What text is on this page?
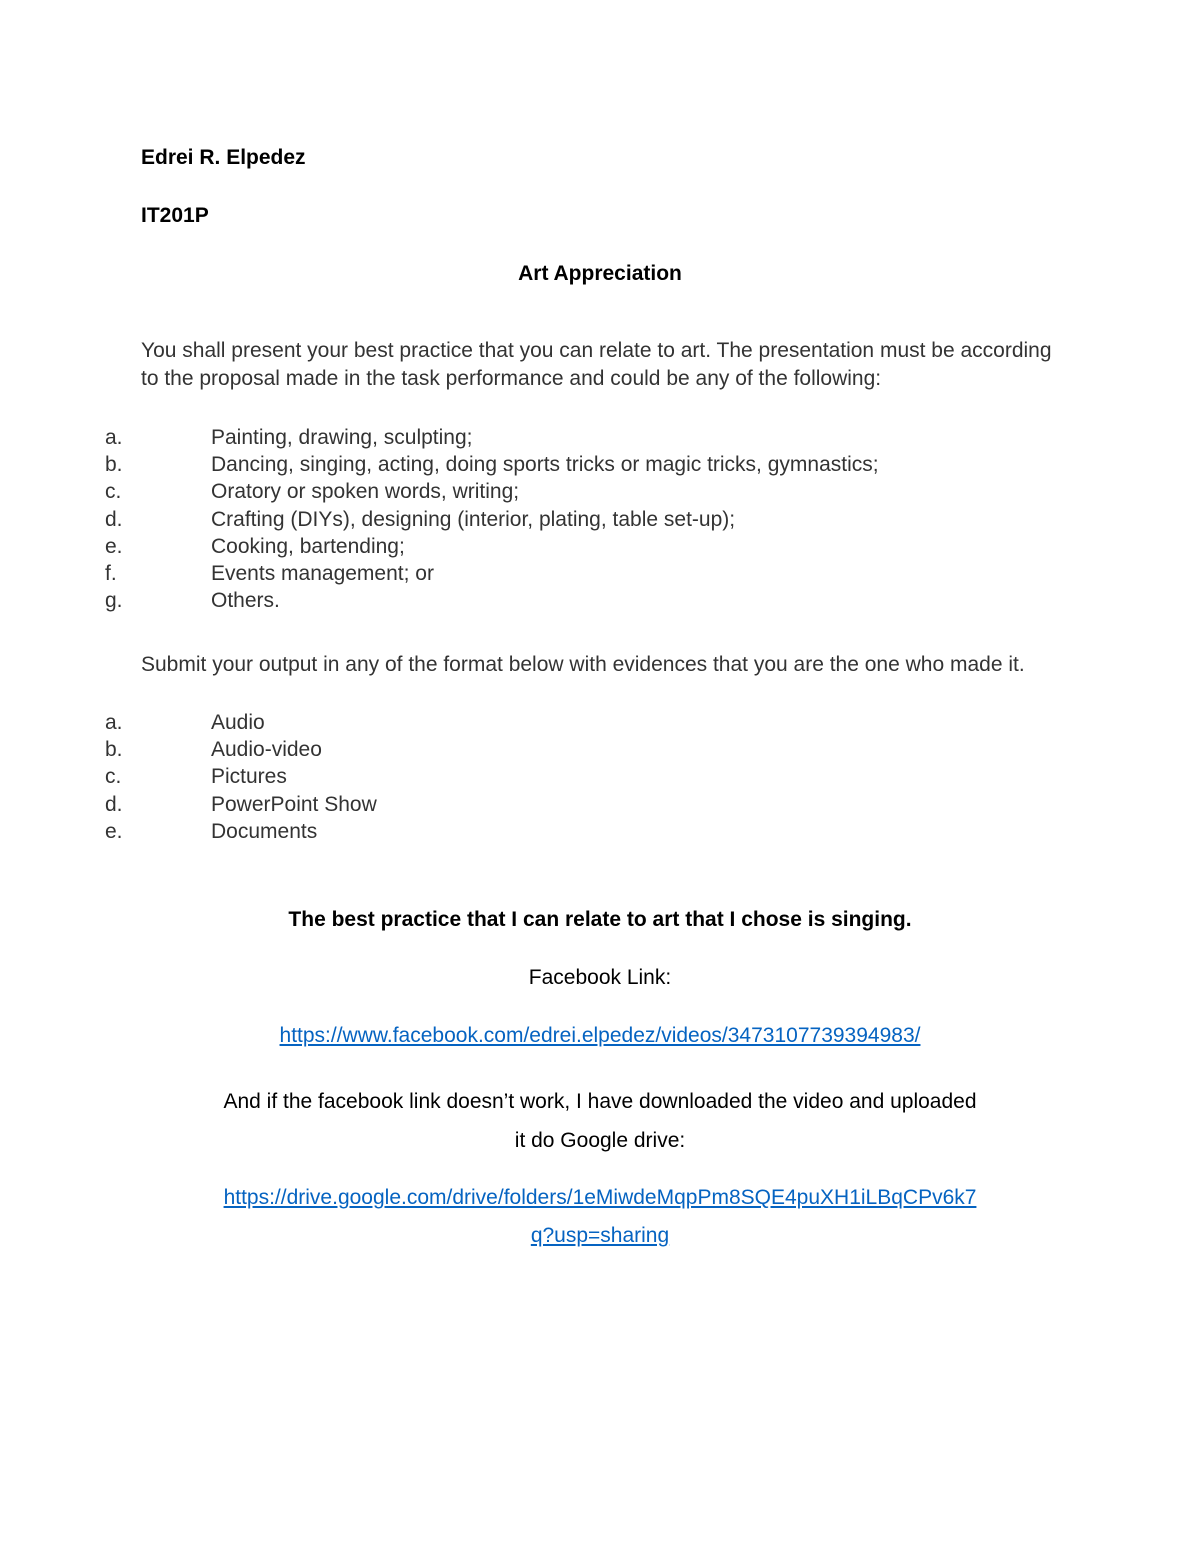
Edrei R. Elpedez

IT201P

Art Appreciation

You shall present your best practice that you can relate to art. The presentation must be according to the proposal made in the task performance and could be any of the following:

a.	Painting, drawing, sculpting;
b.	Dancing, singing, acting, doing sports tricks or magic tricks, gymnastics;
c.	Oratory or spoken words, writing;
d.	Crafting (DIYs), designing (interior, plating, table set-up);
e.	Cooking, bartending;
f.	Events management; or
g.	Others.

Submit your output in any of the format below with evidences that you are the one who made it.

a.	Audio
b.	Audio-video
c.	Pictures
d.	PowerPoint Show
e.	Documents

The best practice that I can relate to art that I chose is singing.

Facebook Link:

https://www.facebook.com/edrei.elpedez/videos/3473107739394983/

And if the facebook link doesn’t work, I have downloaded the video and uploaded
it do Google drive:
https://drive.google.com/drive/folders/1eMiwdeMqpPm8SQE4puXH1iLBqCPv6k7
q?usp=sharing
